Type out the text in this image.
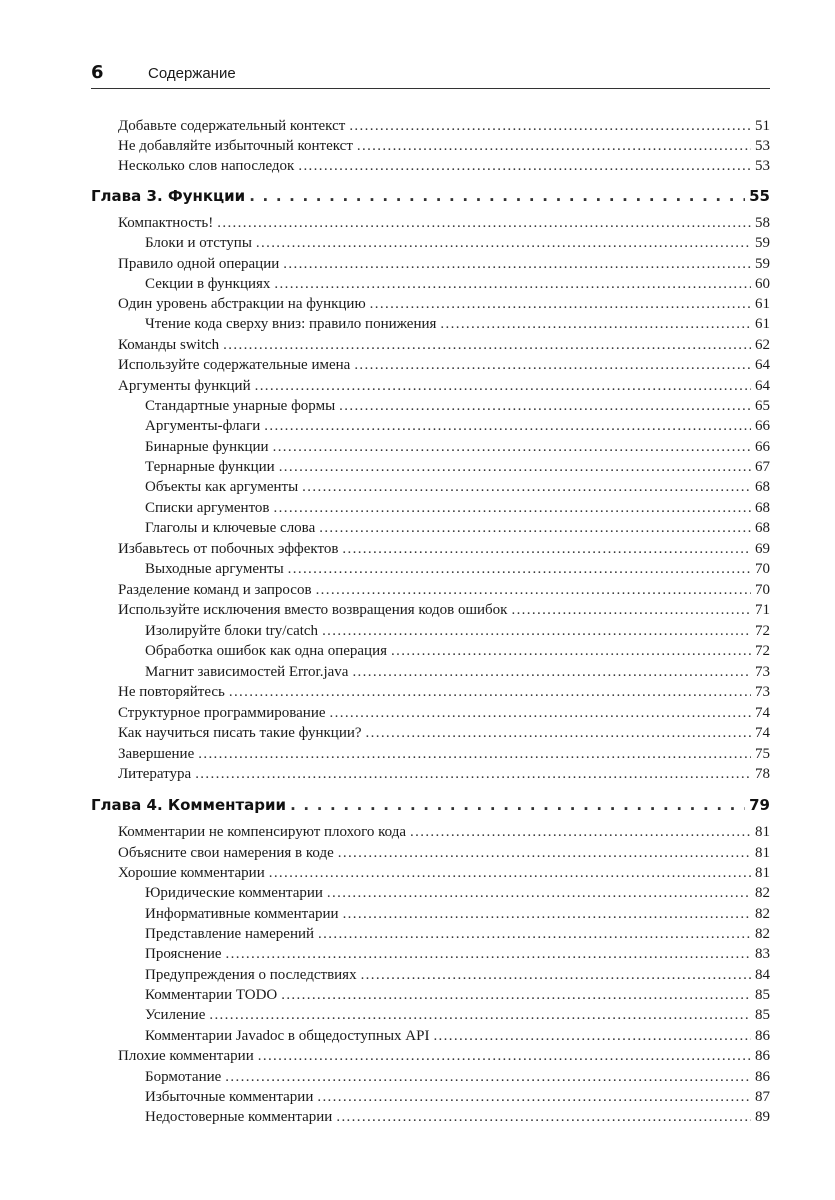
6	Содержание
Добавьте содержательный контекст . . .	51
Не добавляйте избыточный контекст . . .	53
Несколько слов напоследок . . .	53
Глава 3. Функции . . .	55
Компактность! . . .	58
Блоки и отступы . . .	59
Правило одной операции . . .	59
Секции в функциях . . .	60
Один уровень абстракции на функцию . . .	61
Чтение кода сверху вниз: правило понижения . . .	61
Команды switch . . .	62
Используйте содержательные имена . . .	64
Аргументы функций . . .	64
Стандартные унарные формы . . .	65
Аргументы-флаги . . .	66
Бинарные функции . . .	66
Тернарные функции . . .	67
Объекты как аргументы . . .	68
Списки аргументов . . .	68
Глаголы и ключевые слова . . .	68
Избавьтесь от побочных эффектов . . .	69
Выходные аргументы . . .	70
Разделение команд и запросов . . .	70
Используйте исключения вместо возвращения кодов ошибок . . .	71
Изолируйте блоки try/catch . . .	72
Обработка ошибок как одна операция . . .	72
Магнит зависимостей Error.java . . .	73
Не повторяйтесь . . .	73
Структурное программирование . . .	74
Как научиться писать такие функции? . . .	74
Завершение . . .	75
Литература . . .	78
Глава 4. Комментарии . . .	79
Комментарии не компенсируют плохого кода . . .	81
Объясните свои намерения в коде . . .	81
Хорошие комментарии . . .	81
Юридические комментарии . . .	82
Информативные комментарии . . .	82
Представление намерений . . .	82
Прояснение . . .	83
Предупреждения о последствиях . . .	84
Комментарии TODO . . .	85
Усиление . . .	85
Комментарии Javadoc в общедоступных API . . .	86
Плохие комментарии . . .	86
Бормотание . . .	86
Избыточные комментарии . . .	87
Недостоверные комментарии . . .	89
